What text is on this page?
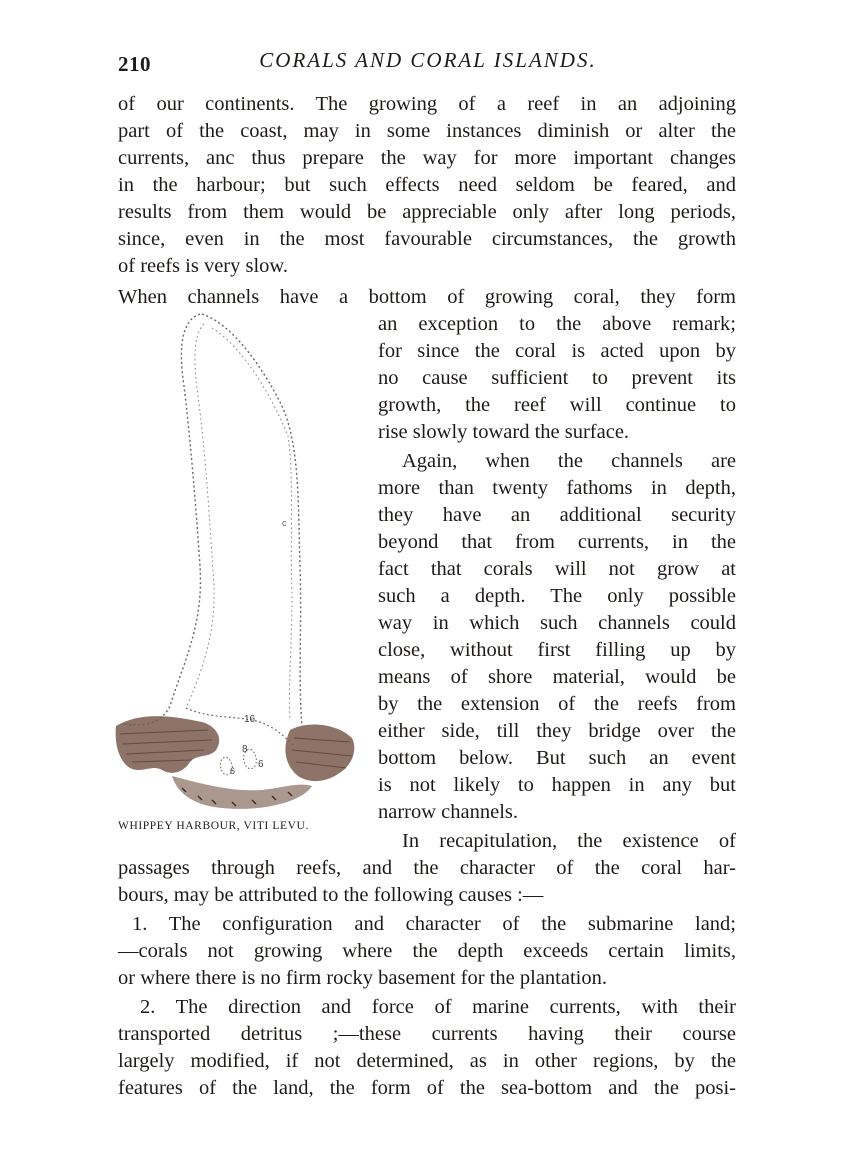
210	CORALS AND CORAL ISLANDS.
of our continents. The growing of a reef in an adjoining
part of the coast, may in some instances diminish or alter the
currents, anc thus prepare the way for more important changes
in the harbour; but such effects need seldom be feared, and
results from them would be appreciable only after long periods,
since, even in the most favourable circumstances, the growth
of reefs is very slow.
When channels have a bottom of growing coral, they form
an exception to the above remark;
for since the coral is acted upon by
no cause sufficient to prevent its
growth, the reef will continue to
rise slowly toward the surface.
Again, when the channels are
more than twenty fathoms in depth,
they have an additional security
beyond that from currents, in the
fact that corals will not grow at
such a depth. The only possible
way in which such channels could
close, without first filling up by
means of shore material, would be
by the extension of the reefs from
either side, till they bridge over the
bottom below. But such an event
is not likely to happen in any but
narrow channels.
In recapitulation, the existence of
passages through reefs, and the character of the coral har-
bours, may be attributed to the following causes :—
1. The configuration and character of the submarine land;
—corals not growing where the depth exceeds certain limits,
or where there is no firm rocky basement for the plantation.
2. The direction and force of marine currents, with their
transported detritus ;—these currents having their course
largely modified, if not determined, as in other regions, by the
features of the land, the form of the sea-bottom and the posi-
16
8
6
6
c
WHIPPEY HARBOUR, VITI LEVU.
